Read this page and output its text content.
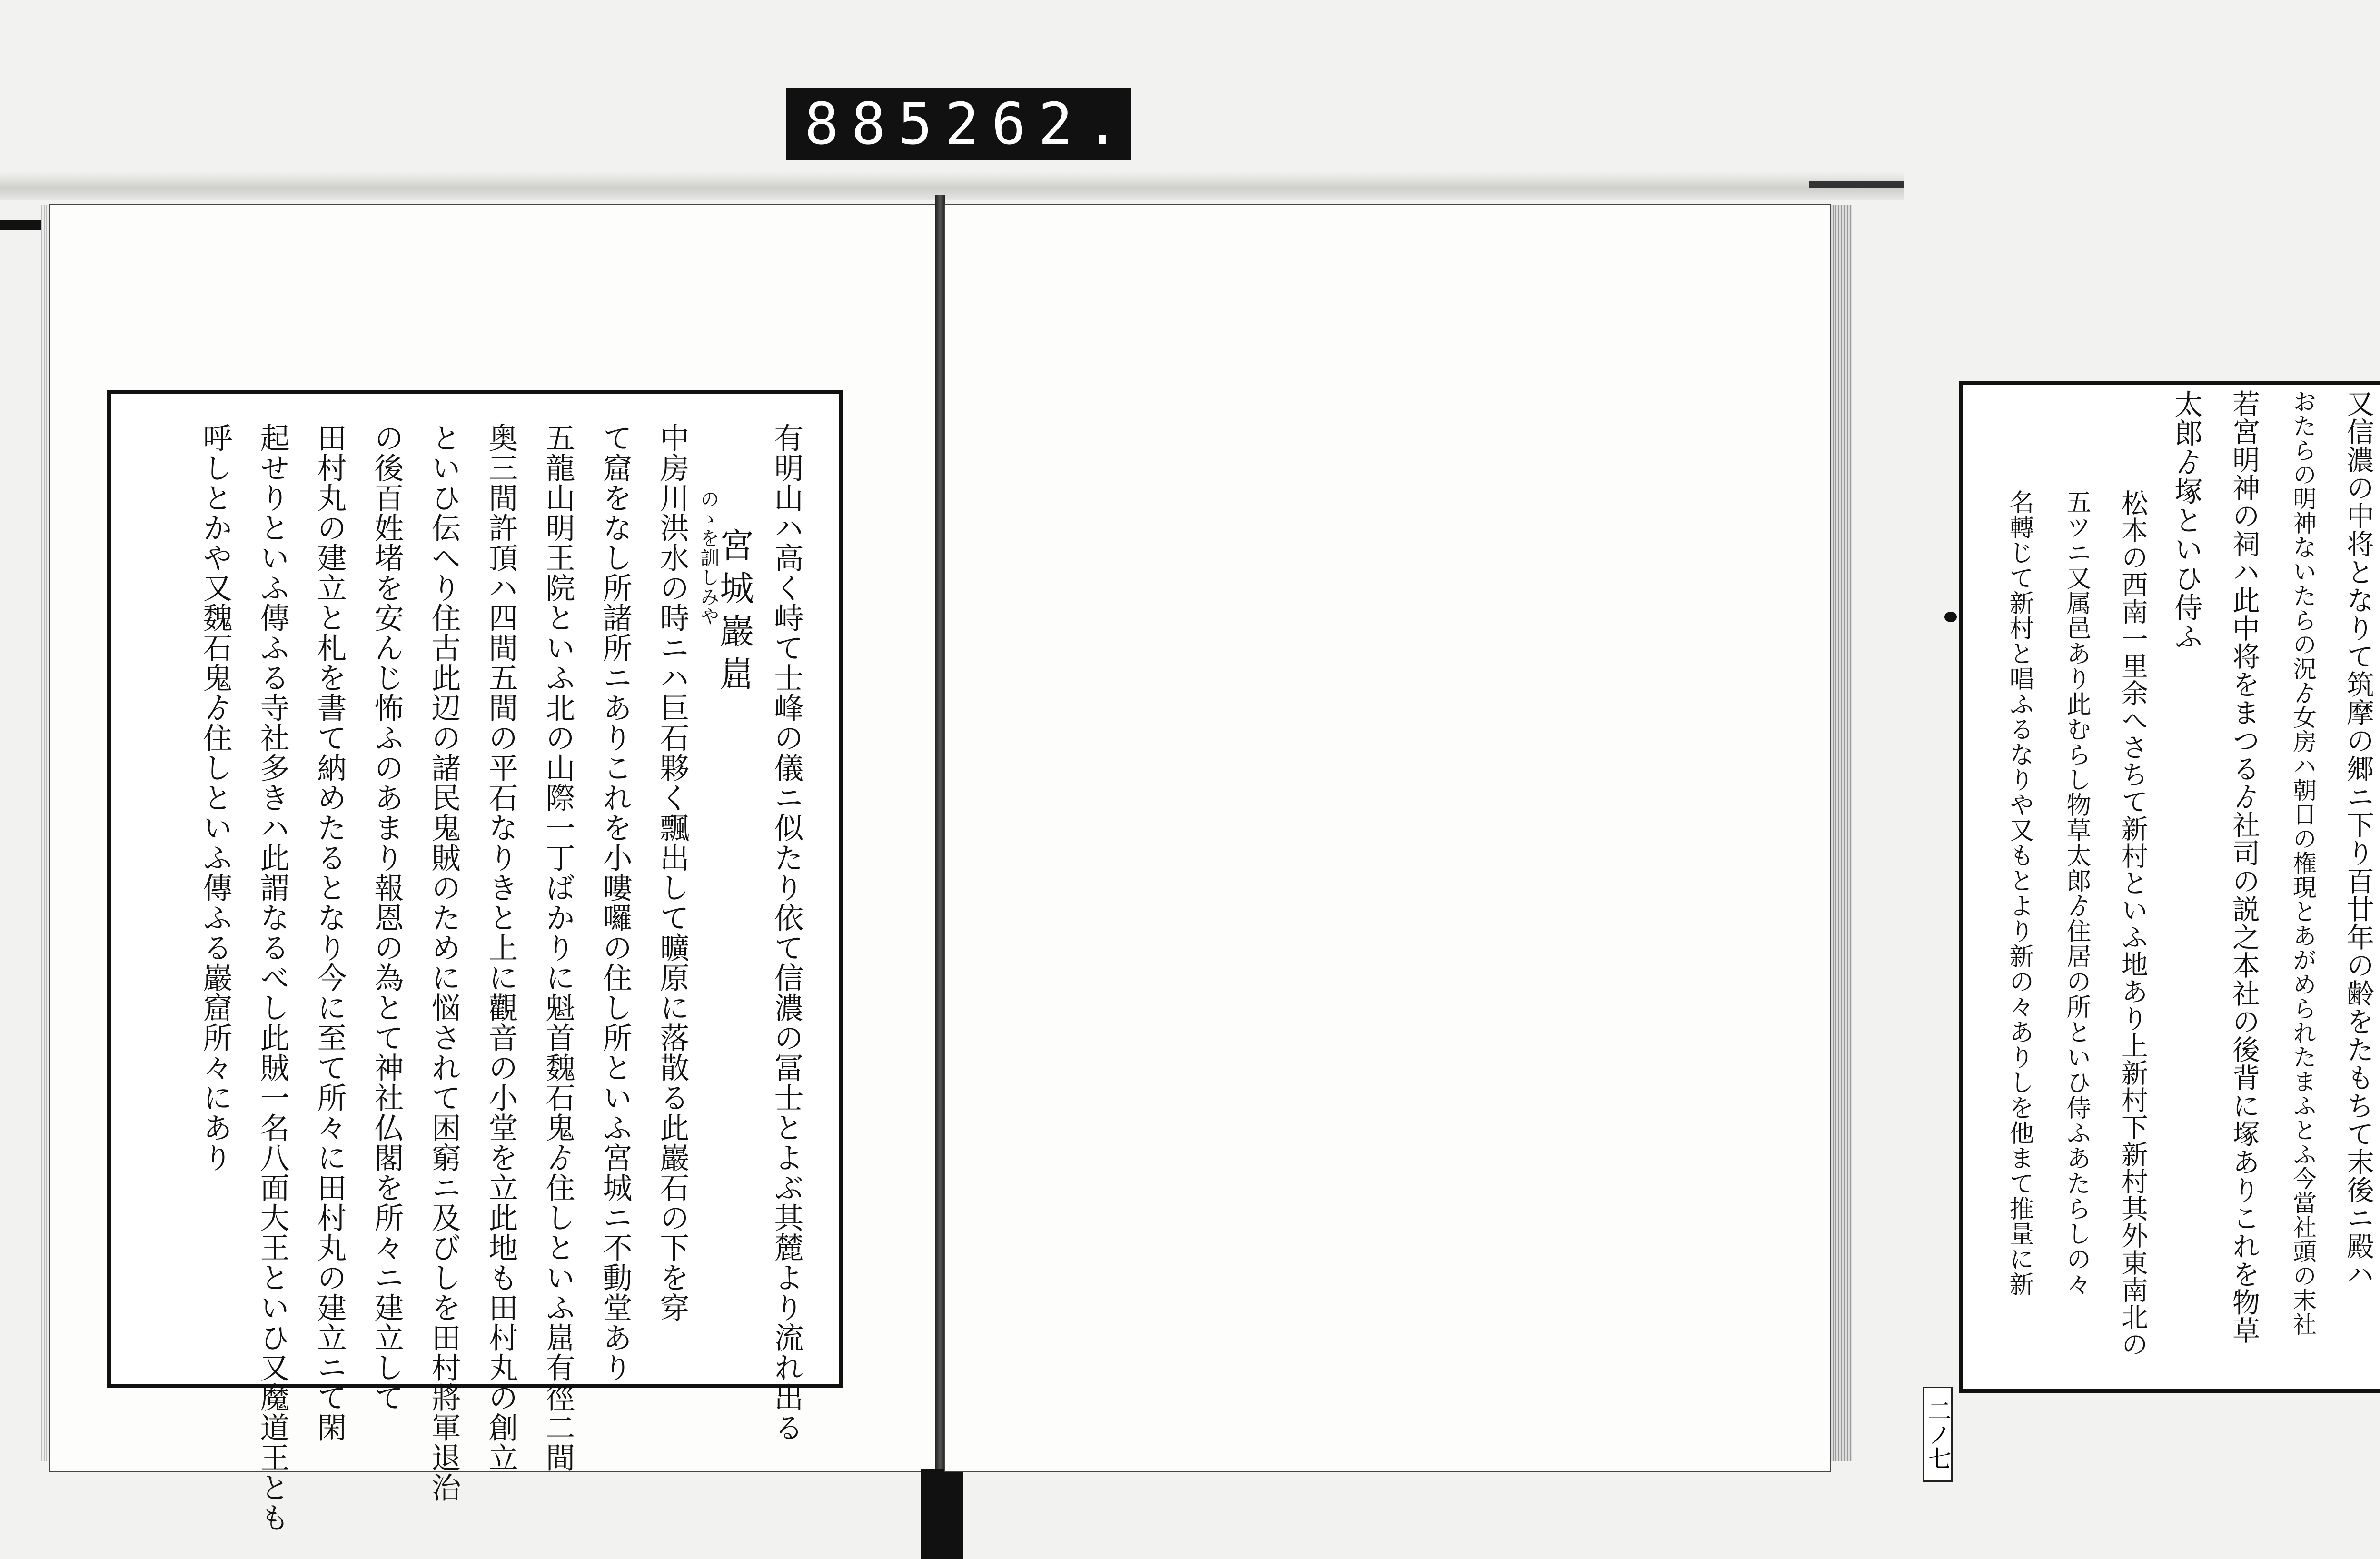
885 262.
有明山ハ高く峙て士峰の儀ニ似たり依て信濃の冨士とよぶ其麓より流れ出る
のゝを訓しみや
宮城巖崫
中房川洪水の時ニハ巨石夥く飄出して曠原に落散る此巖石の下を穿
て窟をなし所諸所ニありこれを小嘍囉の住し所といふ宮城ニ不動堂あり
五龍山明王院といふ北の山際一丁ばかりに魁首魏石鬼ゟ住しといふ崫有徑二間
奥三間許頂ハ四間五間の平石なりきと上に觀音の小堂を立此地も田村丸の創立
といひ伝へり住古此辺の諸民鬼賊のために悩されて困窮ニ及びしを田村將軍退治
の後百姓堵を安んじ怖ふのあまり報恩の為とて神社仏閣を所々ニ建立して
田村丸の建立と札を書て納めたるとなり今に至て所々に田村丸の建立ニて閑
起せりといふ傳ふる寺社多きハ此謂なるべし此賊一名八面大王といひ又魔道王とも
呼しとかや又魏石鬼ゟ住しといふ傳ふる巖窟所々にあり
二ノ七
又信濃の中将となりて筑摩の郷ニ下り百廿年の齢をたもちて末後ニ殿ハ
おたらの明神ないたらの況ゟ女房ハ朝日の権現とあがめられたまふとふ今當社頭の末社
若宮明神の祠ハ此中将をまつるゟ社司の説之本社の後背に塚ありこれを物草
太郎ゟ塚といひ侍ふ
松本の西南一里余へさちて新村といふ地あり上新村下新村其外東南北の
五ツニ又属邑あり此むらし物草太郎ゟ住居の所といひ侍ふあたらしの々
名轉じて新村と唱ふるなりや又もとより新の々ありしを他まて推量に新
